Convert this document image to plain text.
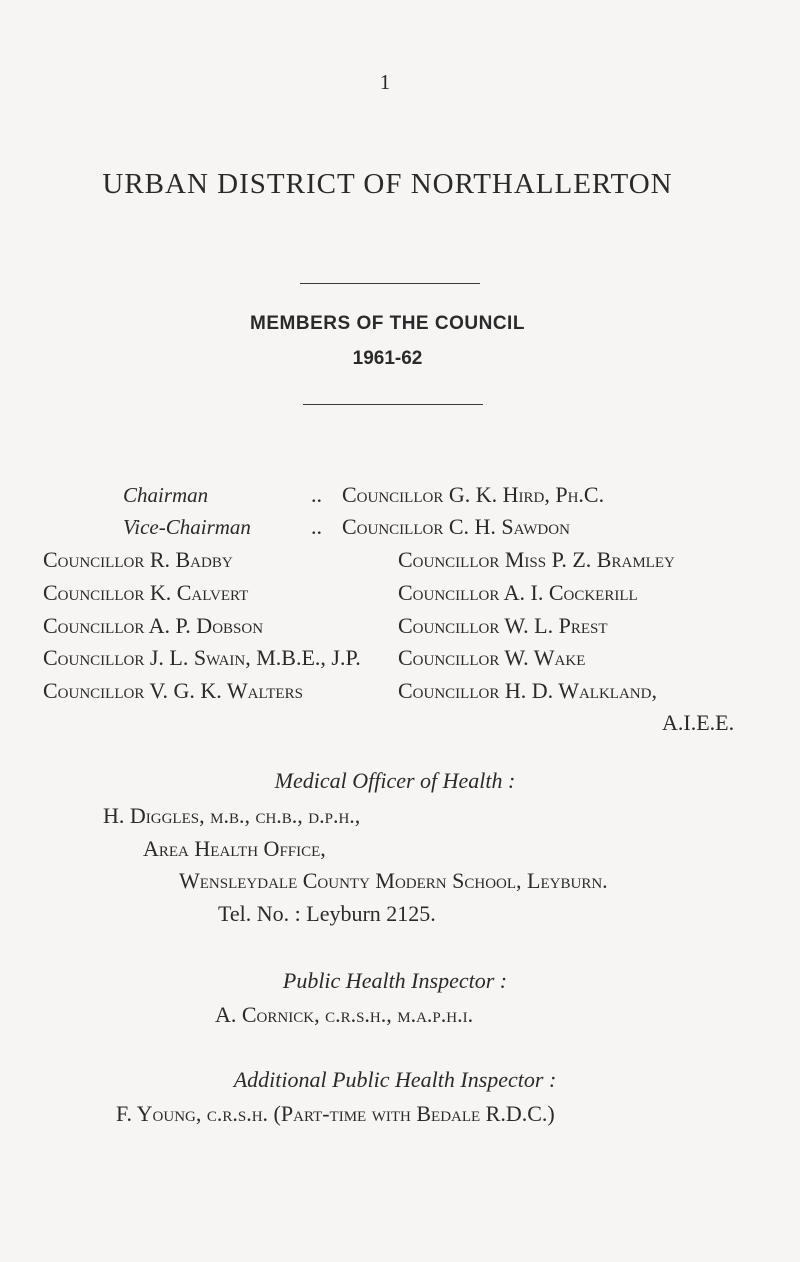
1
URBAN DISTRICT OF NORTHALLERTON
MEMBERS OF THE COUNCIL
1961-62
Chairman	.. Councillor G. K. Hird, Ph.C.
Vice-Chairman	.. Councillor C. H. Sawdon
Councillor R. Badby
Councillor K. Calvert
Councillor A. P. Dobson
Councillor J. L. Swain, M.B.E., J.P.
Councillor V. G. K. Walters
Councillor Miss P. Z. Bramley
Councillor A. I. Cockerill
Councillor W. L. Prest
Councillor W. Wake
Councillor H. D. Walkland,
A.I.E.E.
Medical Officer of Health :
H. Diggles, m.b., ch.b., d.p.h.,
Area Health Office,
Wensleydale County Modern School, Leyburn.
Tel. No. : Leyburn 2125.
Public Health Inspector :
A. Cornick, c.r.s.h., m.a.p.h.i.
Additional Public Health Inspector :
F. Young, c.r.s.h. (Part-time with Bedale R.D.C.)
